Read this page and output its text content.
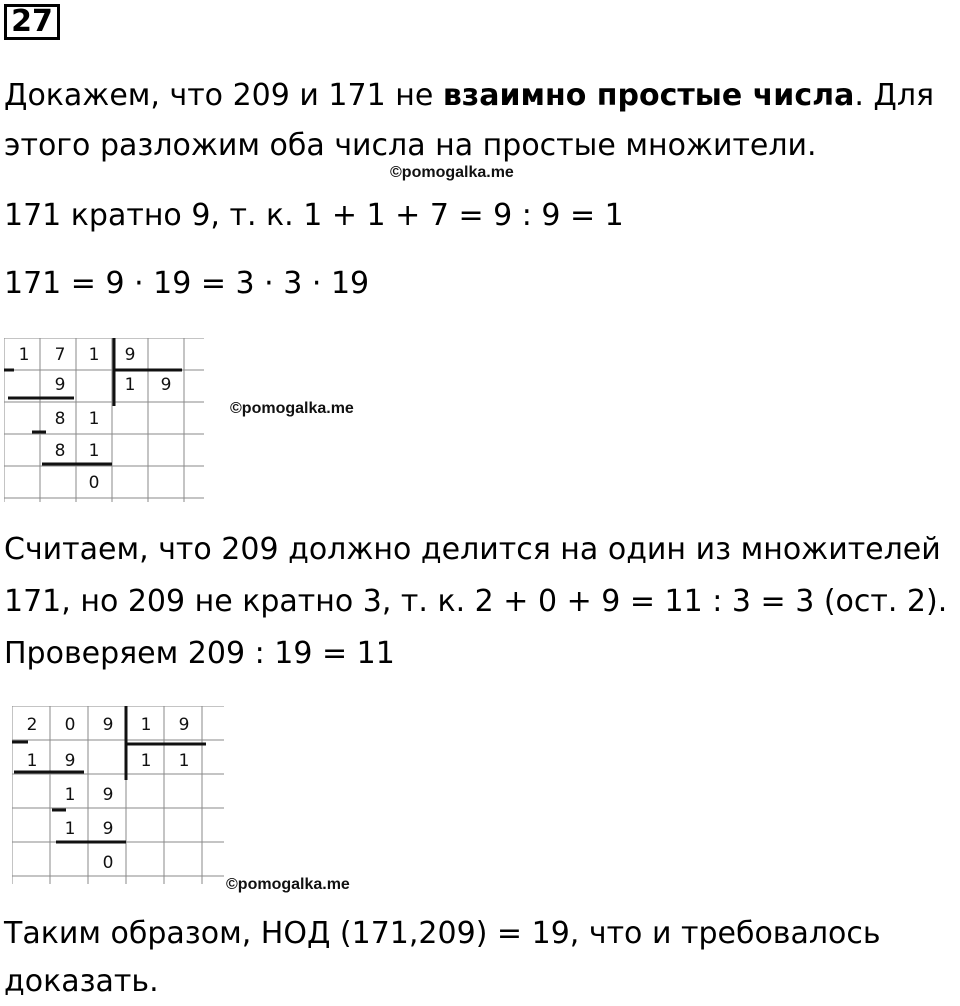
27
Докажем, что 209 и 171 не взаимно простые числа. Для
этого разложим оба числа на простые множители.
©pomogalka.me
171 кратно 9, т. к. 1 + 1 + 7 = 9 : 9 = 1
171 = 9 · 19 = 3 · 3 · 19
1 7 1 9
1 9
9
8 1
8 1
0
©pomogalka.me
Считаем, что 209 должно делится на один из множителей
171, но 209 не кратно 3, т. к. 2 + 0 + 9 = 11 : 3 = 3 (ост. 2).
Проверяем 209 : 19 = 11
2 0 9 1 9
1 1
1 9
1 9
1 9
0
©pomogalka.me
Таким образом, НОД (171,209) = 19, что и требовалось
доказать.
